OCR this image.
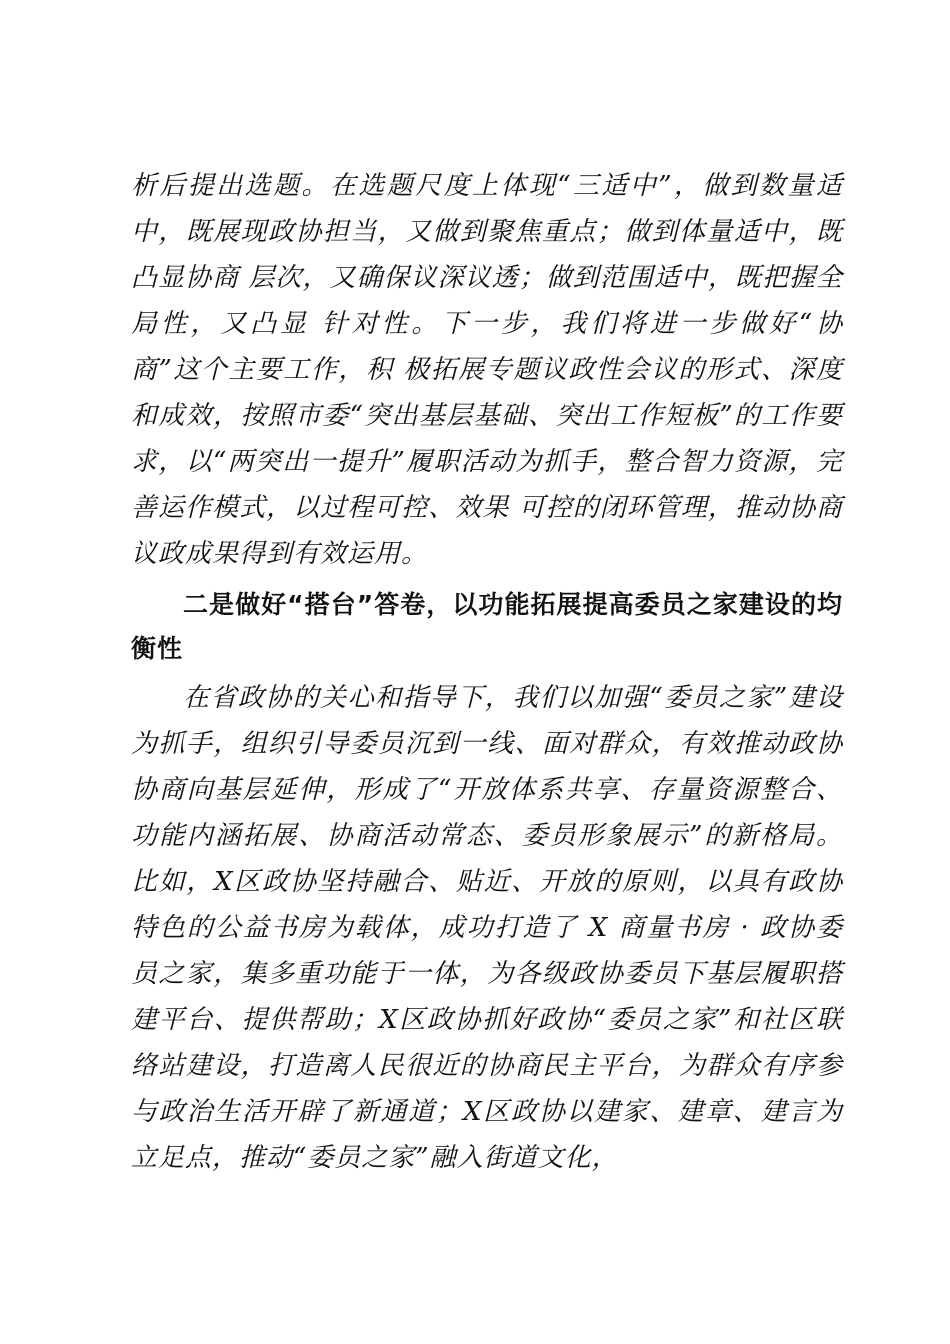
析后提出选题。在选题尺度上体现“三适中”，做到数量适中，既展现政协担当，又做到聚焦重点；做到体量适中，既凸显协商 层次，又确保议深议透；做到范围适中，既把握全局性，又凸显 针对性。下一步，我们将进一步做好“协商”这个主要工作，积 极拓展专题议政性会议的形式、深度和成效，按照市委“突出基层基础、突出工作短板”的工作要求，以“两突出一提升”履职活动为抓手，整合智力资源，完善运作模式，以过程可控、效果 可控的闭环管理，推动协商议政成果得到有效运用。

二是做好“搭台”答卷，以功能拓展提高委员之家建设的均衡性

在省政协的关心和指导下，我们以加强“委员之家”建设为抓手，组织引导委员沉到一线、面对群众，有效推动政协协商向基层延伸，形成了“开放体系共享、存量资源整合、功能内涵拓展、协商活动常态、委员形象展示”的新格局。比如，X区政协坚持融合、贴近、开放的原则，以具有政协特色的公益书房为载体，成功打造了 X 商量书房 · 政协委员之家，集多重功能于一体，为各级政协委员下基层履职搭建平台、提供帮助；X区政协抓好政协“委员之家”和社区联络站建设，打造离人民很近的协商民主平台，为群众有序参与政治生活开辟了新通道；X区政协以建家、建章、建言为立足点，推动“委员之家”融入街道文化，
